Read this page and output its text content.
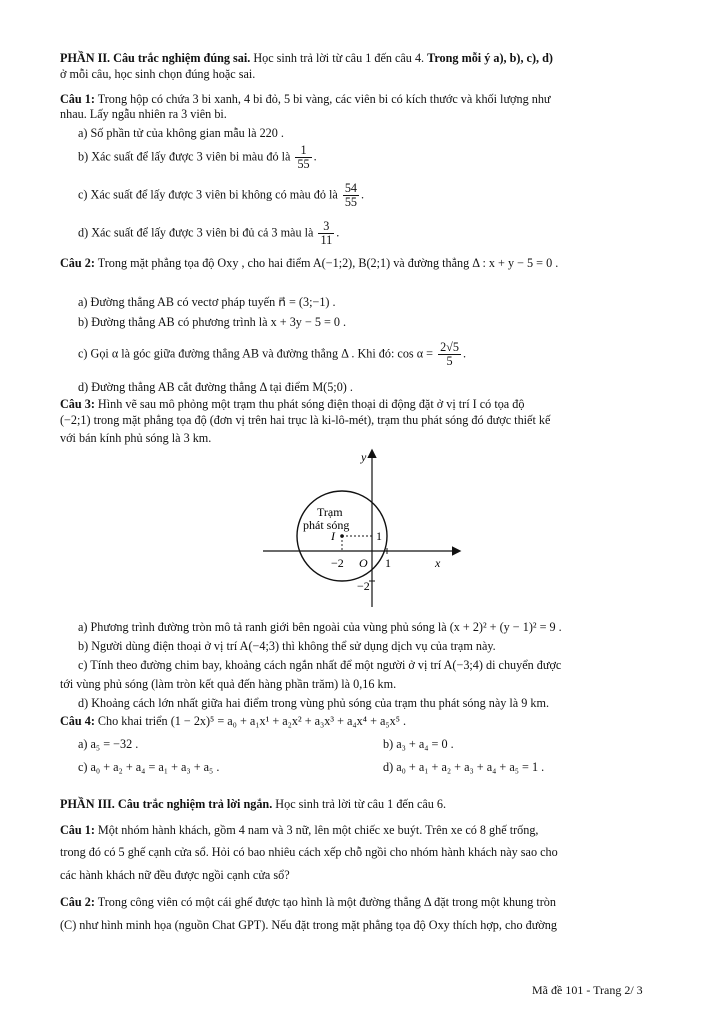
PHẦN II. Câu trắc nghiệm đúng sai. Học sinh trả lời từ câu 1 đến câu 4. Trong mỗi ý a), b), c), d)
ở mỗi câu, học sinh chọn đúng hoặc sai.
Câu 1: Trong hộp có chứa 3 bi xanh, 4 bi đỏ, 5 bi vàng, các viên bi có kích thước và khối lượng như
nhau. Lấy ngẫu nhiên ra 3 viên bi.
a) Số phần tử của không gian mẫu là 220 .
b) Xác suất để lấy được 3 viên bi màu đỏ là $\frac{1}{55}$ .
c) Xác suất để lấy được 3 viên bi không có màu đỏ là $\frac{54}{55}$ .
d) Xác suất để lấy được 3 viên bi đủ cả 3 màu là $\frac{3}{11}$ .
Câu 2: Trong mặt phẳng tọa độ Oxy , cho hai điểm A(−1;2), B(2;1) và đường thẳng Δ : x + y − 5 = 0 .
a) Đường thẳng AB có vectơ pháp tuyến n⃗ = (3;−1) .
b) Đường thẳng AB có phương trình là x + 3y − 5 = 0 .
c) Gọi α là góc giữa đường thẳng AB và đường thẳng Δ . Khi đó: $\cos \alpha = \frac{2√5}{5}$ .
d) Đường thẳng AB cắt đường thẳng Δ tại điểm M(5;0) .
Câu 3: Hình vẽ sau mô phỏng một trạm thu phát sóng điện thoại di động đặt ở vị trí I có tọa độ
(−2;1) trong mặt phẳng tọa độ (đơn vị trên hai trục là ki-lô-mét), trạm thu phát sóng đó được thiết kế
với bán kính phủ sóng là 3 km.
y
x
O
Trạm
phát sóng
I	1
−2	1
−2
a) Phương trình đường tròn mô tả ranh giới bên ngoài của vùng phủ sóng là (x + 2)² + (y − 1)² = 9 .
b) Người dùng điện thoại ở vị trí A(−4;3) thì không thể sử dụng dịch vụ của trạm này.
c) Tính theo đường chim bay, khoảng cách ngắn nhất để một người ở vị trí A(−3;4) di chuyển được
tới vùng phủ sóng (làm tròn kết quả đến hàng phần trăm) là 0,16 km.
d) Khoảng cách lớn nhất giữa hai điểm trong vùng phủ sóng của trạm thu phát sóng này là 9 km.
Câu 4: Cho khai triển (1 − 2x)⁵ = a₀ + a₁x¹ + a₂x² + a₃x³ + a₄x⁴ + a₅x⁵ .
a) a₅ = −32 .	b) a₃ + a₄ = 0 .
c) a₀ + a₂ + a₄ = a₁ + a₃ + a₅ .	d) a₀ + a₁ + a₂ + a₃ + a₄ + a₅ = 1 .
PHẦN III. Câu trắc nghiệm trả lời ngắn. Học sinh trả lời từ câu 1 đến câu 6.
Câu 1: Một nhóm hành khách, gồm 4 nam và 3 nữ, lên một chiếc xe buýt. Trên xe có 8 ghế trống,
trong đó có 5 ghế cạnh cửa sổ. Hỏi có bao nhiêu cách xếp chỗ ngồi cho nhóm hành khách này sao cho
các hành khách nữ đều được ngồi cạnh cửa sổ?
Câu 2: Trong công viên có một cái ghế được tạo hình là một đường thẳng Δ đặt trong một khung tròn
(C) như hình minh họa (nguồn Chat GPT). Nếu đặt trong mặt phẳng tọa độ Oxy thích hợp, cho đường
Mã đề 101 - Trang 2/ 3
